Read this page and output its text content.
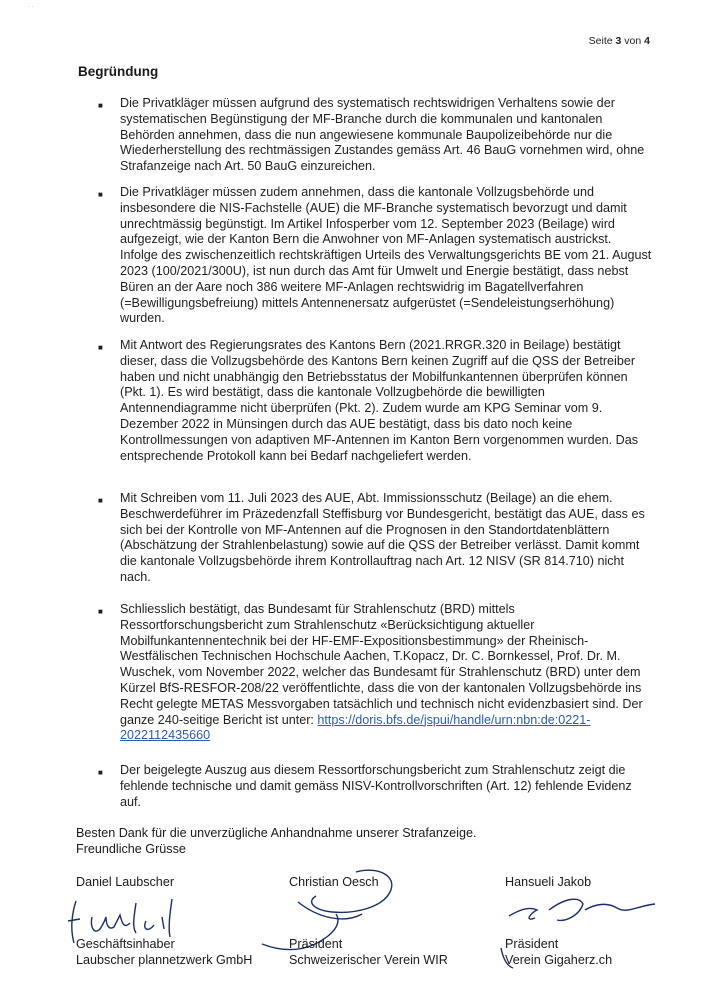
· ·
Seite 3 von 4
Begründung
■ Die Privatkläger müssen aufgrund des systematisch rechtswidrigen Verhaltens sowie der systematischen Begünstigung der MF-Branche durch die kommunalen und kantonalen Behörden annehmen, dass die nun angewiesene kommunale Baupolizeibehörde nur die Wiederherstellung des rechtmässigen Zustandes gemäss Art. 46 BauG vornehmen wird, ohne Strafanzeige nach Art. 50 BauG einzureichen.
■ Die Privatkläger müssen zudem annehmen, dass die kantonale Vollzugsbehörde und insbesondere die NIS-Fachstelle (AUE) die MF-Branche systematisch bevorzugt und damit unrechtmässig begünstigt. Im Artikel Infosperber vom 12. September 2023 (Beilage) wird aufgezeigt, wie der Kanton Bern die Anwohner von MF-Anlagen systematisch austrickst. Infolge des zwischenzeitlich rechtskräftigen Urteils des Verwaltungsgerichts BE vom 21. August 2023 (100/2021/300U), ist nun durch das Amt für Umwelt und Energie bestätigt, dass nebst Büren an der Aare noch 386 weitere MF-Anlagen rechtswidrig im Bagatellverfahren (=Bewilligungsbefreiung) mittels Antennenersatz aufgerüstet (=Sendeleistungserhöhung) wurden.
■ Mit Antwort des Regierungsrates des Kantons Bern (2021.RRGR.320 in Beilage) bestätigt dieser, dass die Vollzugsbehörde des Kantons Bern keinen Zugriff auf die QSS der Betreiber haben und nicht unabhängig den Betriebsstatus der Mobilfunkantennen überprüfen können (Pkt. 1). Es wird bestätigt, dass die kantonale Vollzugbehörde die bewilligten Antennendiagramme nicht überprüfen (Pkt. 2). Zudem wurde am KPG Seminar vom 9. Dezember 2022 in Münsingen durch das AUE bestätigt, dass bis dato noch keine Kontrollmessungen von adaptiven MF-Antennen im Kanton Bern vorgenommen wurden. Das entsprechende Protokoll kann bei Bedarf nachgeliefert werden.
■ Mit Schreiben vom 11. Juli 2023 des AUE, Abt. Immissionsschutz (Beilage) an die ehem. Beschwerdeführer im Präzedenzfall Steffisburg vor Bundesgericht, bestätigt das AUE, dass es sich bei der Kontrolle von MF-Antennen auf die Prognosen in den Standortdatenblättern (Abschätzung der Strahlenbelastung) sowie auf die QSS der Betreiber verlässt. Damit kommt die kantonale Vollzugsbehörde ihrem Kontrollauftrag nach Art. 12 NISV (SR 814.710) nicht nach.
■ Schliesslich bestätigt, das Bundesamt für Strahlenschutz (BRD) mittels Ressortforschungsbericht zum Strahlenschutz «Berücksichtigung aktueller Mobilfunkantennentechnik bei der HF-EMF-Expositionsbestimmung» der Rheinisch-Westfälischen Technischen Hochschule Aachen, T.Kopacz, Dr. C. Bornkessel, Prof. Dr. M. Wuschek, vom November 2022, welcher das Bundesamt für Strahlenschutz (BRD) unter dem Kürzel BfS-RESFOR-208/22 veröffentlichte, dass die von der kantonalen Vollzugsbehörde ins Recht gelegte METAS Messvorgaben tatsächlich und technisch nicht evidenzbasiert sind. Der ganze 240-seitige Bericht ist unter: https://doris.bfs.de/jspui/handle/urn:nbn:de:0221-2022112435660
■ Der beigelegte Auszug aus diesem Ressortforschungsbericht zum Strahlenschutz zeigt die fehlende technische und damit gemäss NISV-Kontrollvorschriften (Art. 12) fehlende Evidenz auf.
Besten Dank für die unverzügliche Anhandnahme unserer Strafanzeige.
Freundliche Grüsse
Daniel Laubscher
Geschäftsinhaber
Laubscher plannetzwerk GmbH
Christian Oesch
Präsident
Schweizerischer Verein WIR
Hansueli Jakob
Präsident
Verein Gigaherz.ch
